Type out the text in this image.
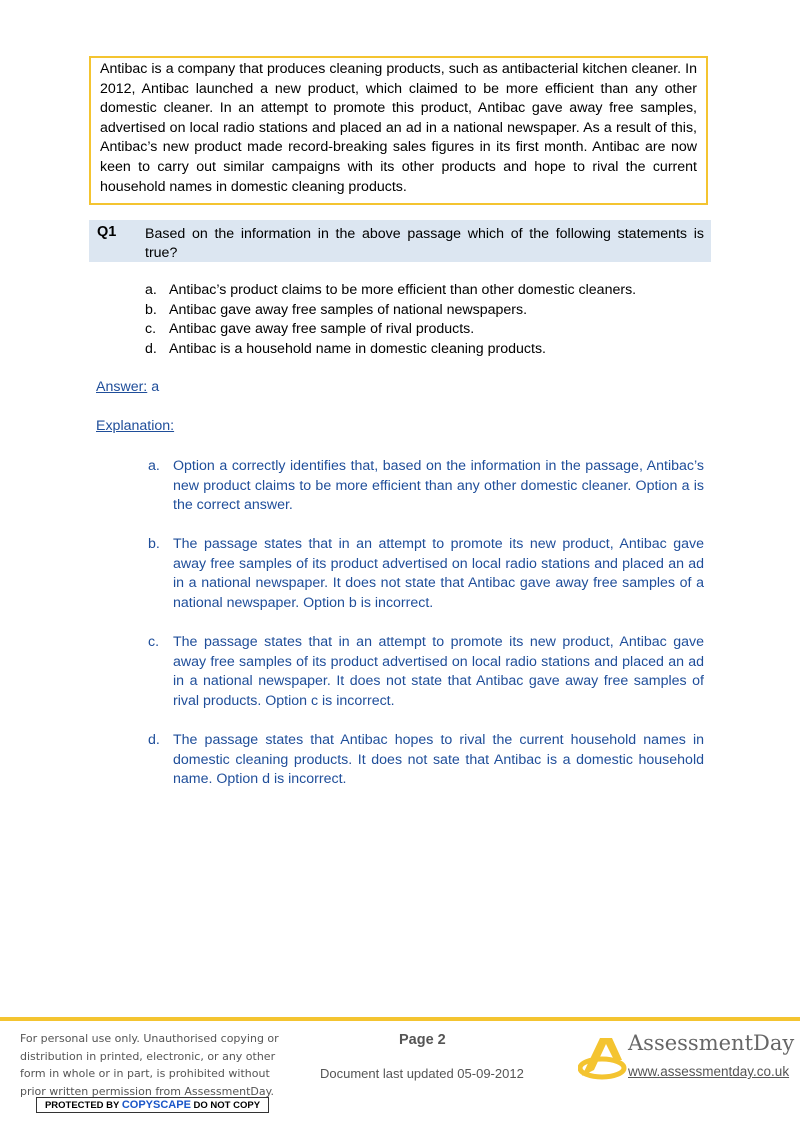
Antibac is a company that produces cleaning products, such as antibacterial kitchen cleaner. In 2012, Antibac launched a new product, which claimed to be more efficient than any other domestic cleaner. In an attempt to promote this product, Antibac gave away free samples, advertised on local radio stations and placed an ad in a national newspaper. As a result of this, Antibac’s new product made record-breaking sales figures in its first month. Antibac are now keen to carry out similar campaigns with its other products and hope to rival the current household names in domestic cleaning products.
Q1 Based on the information in the above passage which of the following statements is true?
a. Antibac’s product claims to be more efficient than other domestic cleaners.
b. Antibac gave away free samples of national newspapers.
c. Antibac gave away free sample of rival products.
d. Antibac is a household name in domestic cleaning products.
Answer: a
Explanation:
a. Option a correctly identifies that, based on the information in the passage, Antibac’s new product claims to be more efficient than any other domestic cleaner. Option a is the correct answer.
b. The passage states that in an attempt to promote its new product, Antibac gave away free samples of its product advertised on local radio stations and placed an ad in a national newspaper. It does not state that Antibac gave away free samples of a national newspaper. Option b is incorrect.
c. The passage states that in an attempt to promote its new product, Antibac gave away free samples of its product advertised on local radio stations and placed an ad in a national newspaper. It does not state that Antibac gave away free samples of rival products. Option c is incorrect.
d. The passage states that Antibac hopes to rival the current household names in domestic cleaning products. It does not sate that Antibac is a domestic household name. Option d is incorrect.
For personal use only. Unauthorised copying or
distribution in printed, electronic, or any other
form in whole or in part, is prohibited without
prior written permission from AssessmentDay.
PROTECTED BY COPYSCAPE DO NOT COPY
Page 2
Document last updated 05-09-2012
AssessmentDay
www.assessmentday.co.uk
